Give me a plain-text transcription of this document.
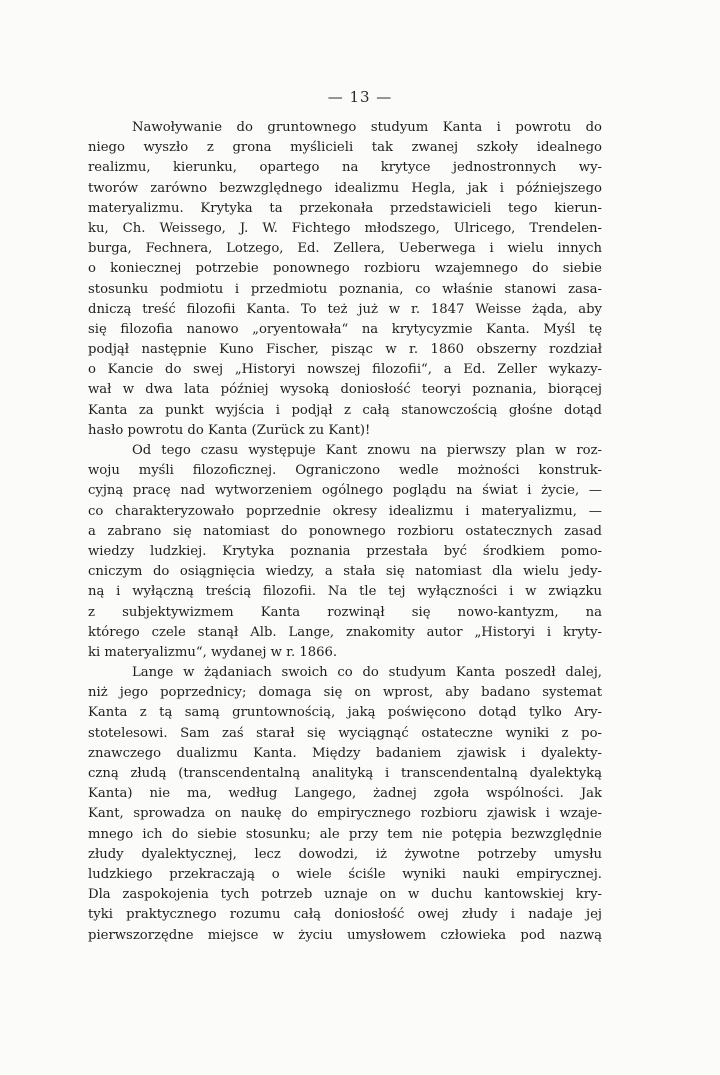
— 13 —
Nawoływanie do gruntownego studyum Kanta i powrotu do
niego wyszło z grona myślicieli tak zwanej szkoły idealnego
realizmu, kierunku, opartego na krytyce jednostronnych wy-
tworów zarówno bezwzględnego idealizmu Hegla, jak i późniejszego
materyalizmu. Krytyka ta przekonała przedstawicieli tego kierun-
ku, Ch. Weissego, J. W. Fichtego młodszego, Ulricego, Trendelen-
burga, Fechnera, Lotzego, Ed. Zellera, Ueberwega i wielu innych
o koniecznej potrzebie ponownego rozbioru wzajemnego do siebie
stosunku podmiotu i przedmiotu poznania, co właśnie stanowi zasa-
dniczą treść filozofii Kanta. To też już w r. 1847 Weisse żąda, aby
się filozofia nanowo „oryentowała“ na krytycyzmie Kanta. Myśl tę
podjął następnie Kuno Fischer, pisząc w r. 1860 obszerny rozdział
o Kancie do swej „Historyi nowszej filozofii“, a Ed. Zeller wykazy-
wał w dwa lata później wysoką doniosłość teoryi poznania, biorącej
Kanta za punkt wyjścia i podjął z całą stanowczością głośne dotąd
hasło powrotu do Kanta (Zurück zu Kant)!
Od tego czasu występuje Kant znowu na pierwszy plan w roz-
woju myśli filozoficznej. Ograniczono wedle możności konstruk-
cyjną pracę nad wytworzeniem ogólnego poglądu na świat i życie, —
co charakteryzowało poprzednie okresy idealizmu i materyalizmu, —
a zabrano się natomiast do ponownego rozbioru ostatecznych zasad
wiedzy ludzkiej. Krytyka poznania przestała być środkiem pomo-
cniczym do osiągnięcia wiedzy, a stała się natomiast dla wielu jedy-
ną i wyłączną treścią filozofii. Na tle tej wyłączności i w związku
z subjektywizmem Kanta rozwinął się nowo-kantyzm, na
którego czele stanął Alb. Lange, znakomity autor „Historyi i kryty-
ki materyalizmu“, wydanej w r. 1866.
Lange w żądaniach swoich co do studyum Kanta poszedł dalej,
niż jego poprzednicy; domaga się on wprost, aby badano systemat
Kanta z tą samą gruntownością, jaką poświęcono dotąd tylko Ary-
stotelesowi. Sam zaś starał się wyciągnąć ostateczne wyniki z po-
znawczego dualizmu Kanta. Między badaniem zjawisk i dyalekty-
czną złudą (transcendentalną analityką i transcendentalną dyalektyką
Kanta) nie ma, według Langego, żadnej zgoła wspólności. Jak
Kant, sprowadza on naukę do empirycznego rozbioru zjawisk i wzaje-
mnego ich do siebie stosunku; ale przy tem nie potępia bezwzględnie
złudy dyalektycznej, lecz dowodzi, iż żywotne potrzeby umysłu
ludzkiego przekraczają o wiele ściśle wyniki nauki empirycznej.
Dla zaspokojenia tych potrzeb uznaje on w duchu kantowskiej kry-
tyki praktycznego rozumu całą doniosłość owej złudy i nadaje jej
pierwszorzędne miejsce w życiu umysłowem człowieka pod nazwą
